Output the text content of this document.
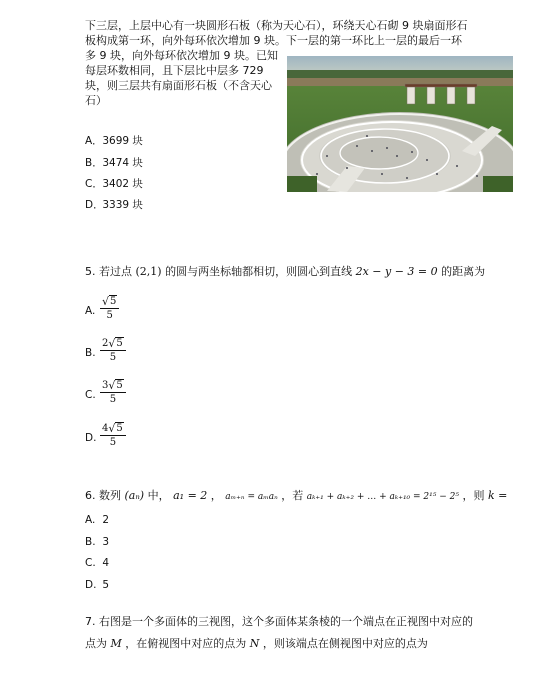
下三层，上层中心有一块圆形石板（称为天心石），环绕天心石砌 9 块扇面形石
板构成第一环，向外每环依次增加 9 块。下一层的第一环比上一层的最后一环
多 9 块，向外每环依次增加 9 块。已知
每层环数相同，且下层比中层多 729
块，则三层共有扇面形石板（不含天心
石）
A． 3699 块
B． 3474 块
C． 3402 块
D． 3339 块
5. 若过点 (2,1) 的圆与两坐标轴都相切，则圆心到直线 2x − y − 3 = 0 的距离为
A. √ $\frac{5}{5}$
B. $\frac{2 √ 5}{5}$
C. $\frac{3 √ 5}{5}$
D. $\frac{4 √ 5}{5}$
6. 数列 (aₙ) 中， a₁ = 2 ， aₘ₊ₙ = aₘaₙ ，若 aₖ₊₁ + aₖ₊₂ + … + aₖ₊₁₀ = 2¹⁵ − 2⁵ ，则 k =
A. 2
B. 3
C. 4
D. 5
7. 右图是一个多面体的三视图，这个多面体某条棱的一个端点在正视图中对应的
点为 M ，在俯视图中对应的点为 N ，则该端点在侧视图中对应的点为
